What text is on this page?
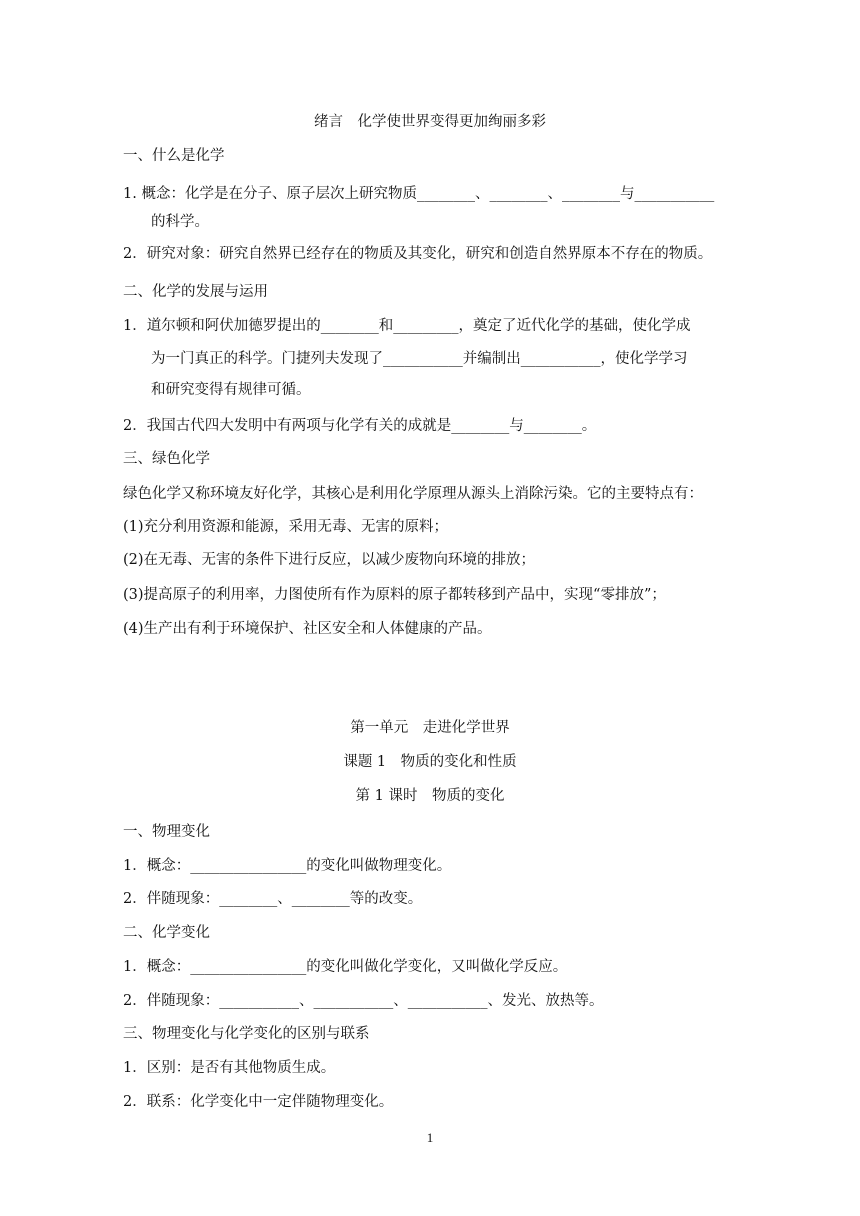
绪言　化学使世界变得更加绚丽多彩
一、什么是化学
1. 概念：化学是在分子、原子层次上研究物质________、________、________与___________
的科学。
2．研究对象：研究自然界已经存在的物质及其变化，研究和创造自然界原本不存在的物质。
二、化学的发展与运用
1．道尔顿和阿伏加德罗提出的________和_________，奠定了近代化学的基础，使化学成
为一门真正的科学。门捷列夫发现了___________并编制出___________，使化学学习
和研究变得有规律可循。
2．我国古代四大发明中有两项与化学有关的成就是________与________。
三、绿色化学
绿色化学又称环境友好化学，其核心是利用化学原理从源头上消除污染。它的主要特点有：
(1)充分利用资源和能源，采用无毒、无害的原料；
(2)在无毒、无害的条件下进行反应，以减少废物向环境的排放；
(3)提高原子的利用率，力图使所有作为原料的原子都转移到产品中，实现“零排放”；
(4)生产出有利于环境保护、社区安全和人体健康的产品。
第一单元　走进化学世界
课题 1　物质的变化和性质
第 1 课时　物质的变化
一、物理变化
1．概念：________________的变化叫做物理变化。
2．伴随现象：________、________等的改变。
二、化学变化
1．概念：________________的变化叫做化学变化，又叫做化学反应。
2．伴随现象：___________、___________、___________、发光、放热等。
三、物理变化与化学变化的区别与联系
1．区别：是否有其他物质生成。
2．联系：化学变化中一定伴随物理变化。
1
